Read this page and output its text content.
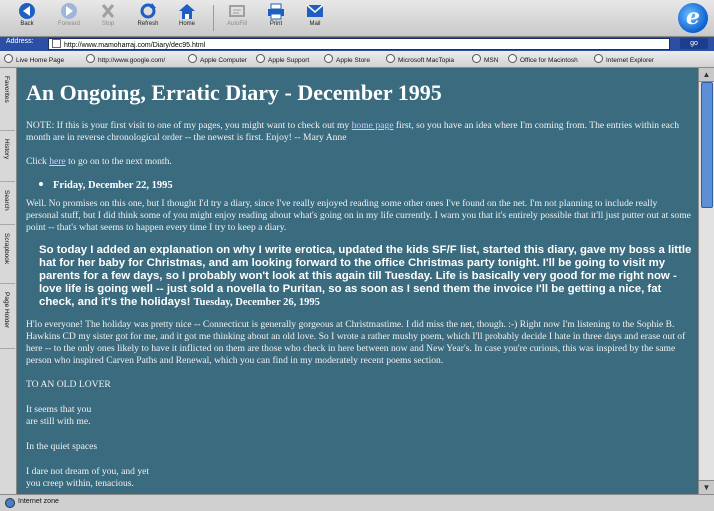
Back	Forward	Stop	Refresh	Home	AutoFill	Print	Mail	e
Address:
http://www.mamoharraj.com/Diary/dec95.html	go
Live Home Page	http://www.google.com/	Apple Computer	Apple Support	Apple Store	Microsoft MacTopia	MSN	Office for Macintosh	Internet Explorer
Favorites
History
Search
Scrapbook
Page Holder
An Ongoing, Erratic Diary - December 1995
NOTE: If this is your first visit to one of my pages, you might want to check out my home page first, so you have an idea where I'm coming from. The entries within each month are in reverse chronological order -- the newest is first. Enjoy! -- Mary Anne
Click here to go on to the next month.
Friday, December 22, 1995
Well. No promises on this one, but I thought I'd try a diary, since I've really enjoyed reading some other ones I've found on the net. I'm not planning to include really personal stuff, but I did think some of you might enjoy reading about what's going on in my life currently. I warn you that it's entirely possible that it'll just putter out at some point -- that's what seems to happen every time I try to keep a diary.
So today I added an explanation on why I write erotica, updated the kids SF/F list, started this diary, gave my boss a little hat for her baby for Christmas, and am looking forward to the office Christmas party tonight. I'll be going to visit my parents for a few days, so I probably won't look at this again till Tuesday. Life is basically very good for me right now - love life is going well -- just sold a novella to Puritan, so as soon as I send them the invoice I'll be getting a nice, fat check, and it's the holidays! Tuesday, December 26, 1995
H'lo everyone! The holiday was pretty nice -- Connecticut is generally gorgeous at Christmastime. I did miss the net, though. :-) Right now I'm listening to the Sophie B. Hawkins CD my sister got for me, and it got me thinking about an old love. So I wrote a rather mushy poem, which I'll probably decide I hate in three days and erase out of here -- to the only ones likely to have it inflicted on them are those who check in here between now and New Year's. In case you're curious, this was inspired by the same person who inspired Carven Paths and Renewal, which you can find in my moderately recent poems section.
TO AN OLD LOVER
It seems that you
are still with me.
In the quiet spaces
I dare not dream of you, and yet
you creep within, tenacious.
▲
▼
Internet zone
